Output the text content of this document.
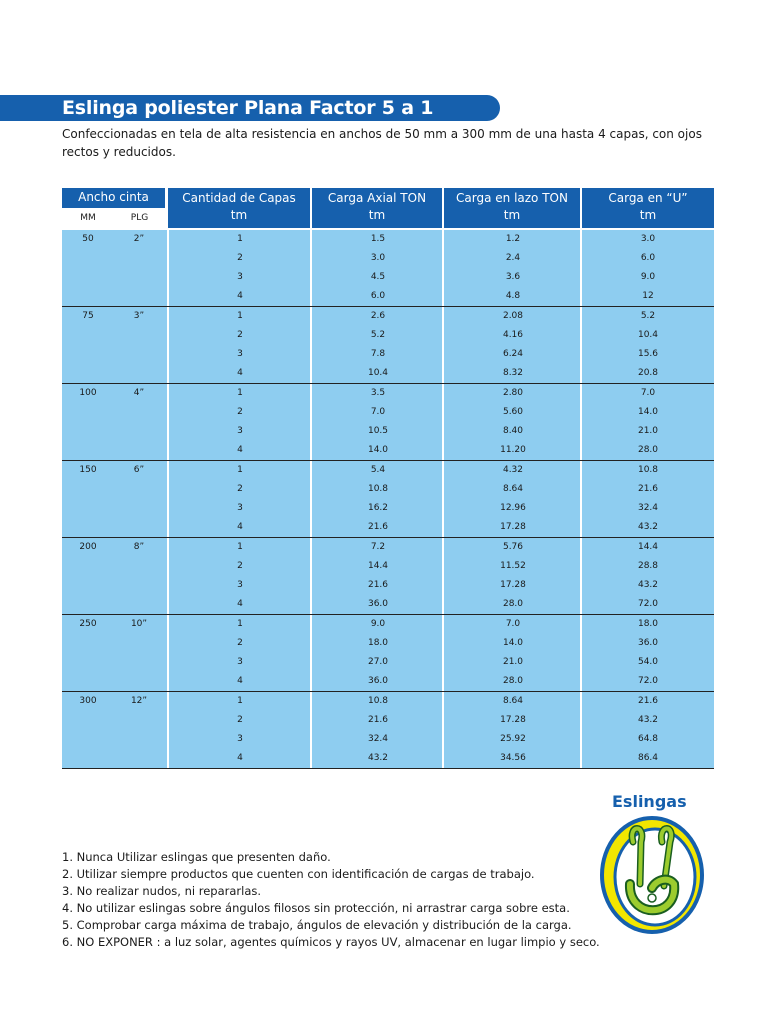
Eslinga poliester Plana Factor 5 a 1
Confeccionadas en tela de alta resistencia en anchos de 50 mm a 300 mm de una hasta 4 capas, con ojos rectos y reducidos.
Ancho cinta
MM	PLG
Cantidad de Capas
tm
Carga Axial TON
tm
Carga en lazo TON
tm
Carga en “U”
tm
50	2”	1	1.5	1.2	3.0
2	3.0	2.4	6.0
3	4.5	3.6	9.0
4	6.0	4.8	12
75	3”	1	2.6	2.08	5.2
2	5.2	4.16	10.4
3	7.8	6.24	15.6
4	10.4	8.32	20.8
100	4”	1	3.5	2.80	7.0
2	7.0	5.60	14.0
3	10.5	8.40	21.0
4	14.0	11.20	28.0
150	6”	1	5.4	4.32	10.8
2	10.8	8.64	21.6
3	16.2	12.96	32.4
4	21.6	17.28	43.2
200	8”	1	7.2	5.76	14.4
2	14.4	11.52	28.8
3	21.6	17.28	43.2
4	36.0	28.0	72.0
250	10”	1	9.0	7.0	18.0
2	18.0	14.0	36.0
3	27.0	21.0	54.0
4	36.0	28.0	72.0
300	12”	1	10.8	8.64	21.6
2	21.6	17.28	43.2
3	32.4	25.92	64.8
4	43.2	34.56	86.4
Eslingas
1. Nunca Utilizar eslingas que presenten daño.
2. Utilizar siempre productos que cuenten con identificación de cargas de trabajo.
3. No realizar nudos, ni repararlas.
4. No utilizar eslingas sobre ángulos filosos sin protección, ni arrastrar carga sobre esta.
5. Comprobar carga máxima de trabajo, ángulos de elevación y distribución de la carga.
6. NO EXPONER : a luz solar, agentes químicos y rayos UV, almacenar en lugar limpio y seco.
